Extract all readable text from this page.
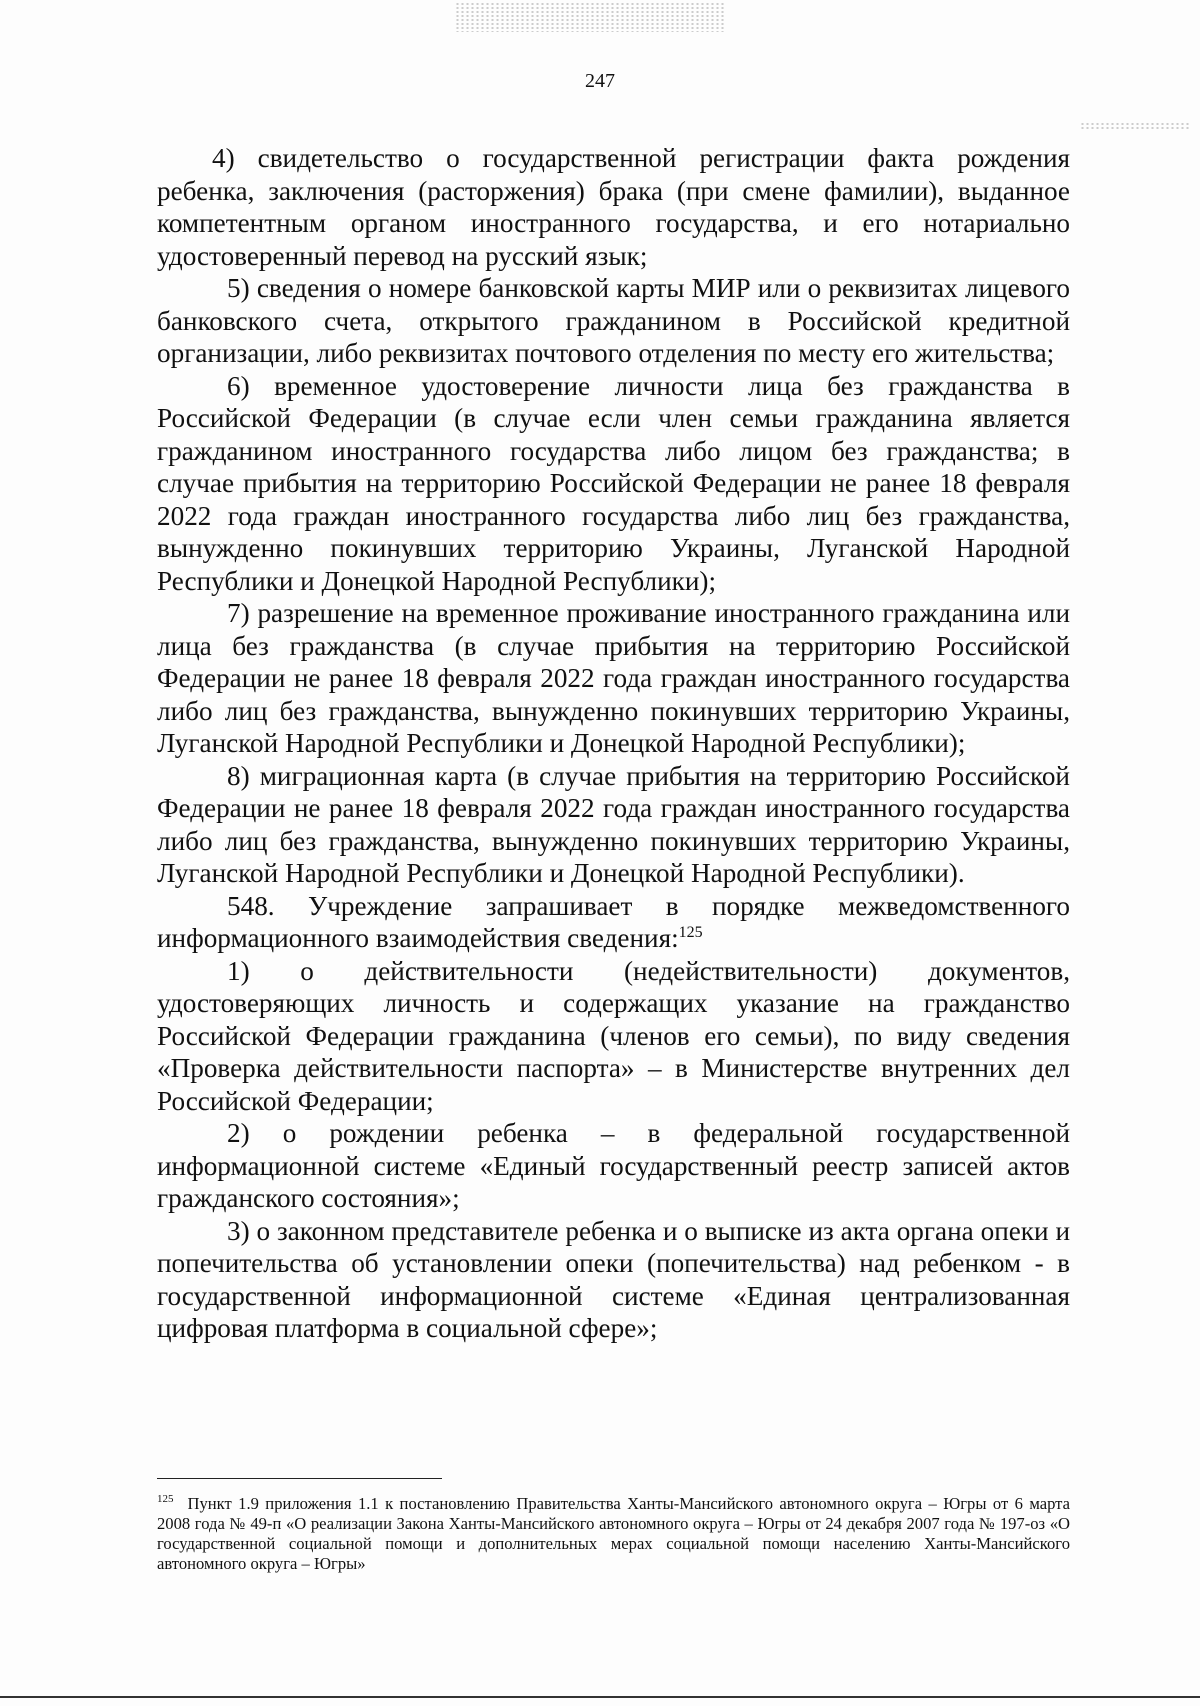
247

4) свидетельство о государственной регистрации факта рождения ребенка, заключения (расторжения) брака (при смене фамилии), выданное компетентным органом иностранного государства, и его нотариально удостоверенный перевод на русский язык;

5) сведения о номере банковской карты МИР или о реквизитах лицевого банковского счета, открытого гражданином в Российской кредитной организации, либо реквизитах почтового отделения по месту его жительства;

6) временное удостоверение личности лица без гражданства в Российской Федерации (в случае если член семьи гражданина является гражданином иностранного государства либо лицом без гражданства; в случае прибытия на территорию Российской Федерации не ранее 18 февраля 2022 года граждан иностранного государства либо лиц без гражданства, вынужденно покинувших территорию Украины, Луганской Народной Республики и Донецкой Народной Республики);

7) разрешение на временное проживание иностранного гражданина или лица без гражданства (в случае прибытия на территорию Российской Федерации не ранее 18 февраля 2022 года граждан иностранного государства либо лиц без гражданства, вынужденно покинувших территорию Украины, Луганской Народной Республики и Донецкой Народной Республики);

8) миграционная карта (в случае прибытия на территорию Российской Федерации не ранее 18 февраля 2022 года граждан иностранного государства либо лиц без гражданства, вынужденно покинувших территорию Украины, Луганской Народной Республики и Донецкой Народной Республики).

548. Учреждение запрашивает в порядке межведомственного информационного взаимодействия сведения:$^{125}$

1) о действительности (недействительности) документов, удостоверяющих личность и содержащих указание на гражданство Российской Федерации гражданина (членов его семьи), по виду сведения «Проверка действительности паспорта» – в Министерстве внутренних дел Российской Федерации;

2) о рождении ребенка – в федеральной государственной информационной системе «Единый государственный реестр записей актов гражданского состояния»;

3) о законном представителе ребенка и о выписке из акта органа опеки и попечительства об установлении опеки (попечительства) над ребенком - в государственной информационной системе «Единая централизованная цифровая платформа в социальной сфере»;

$^{125}$ Пункт 1.9 приложения 1.1 к постановлению Правительства Ханты-Мансийского автономного округа – Югры от 6 марта 2008 года № 49-п «О реализации Закона Ханты-Мансийского автономного округа – Югры от 24 декабря 2007 года № 197-оз «О государственной социальной помощи и дополнительных мерах социальной помощи населению Ханты-Мансийского автономного округа – Югры»
